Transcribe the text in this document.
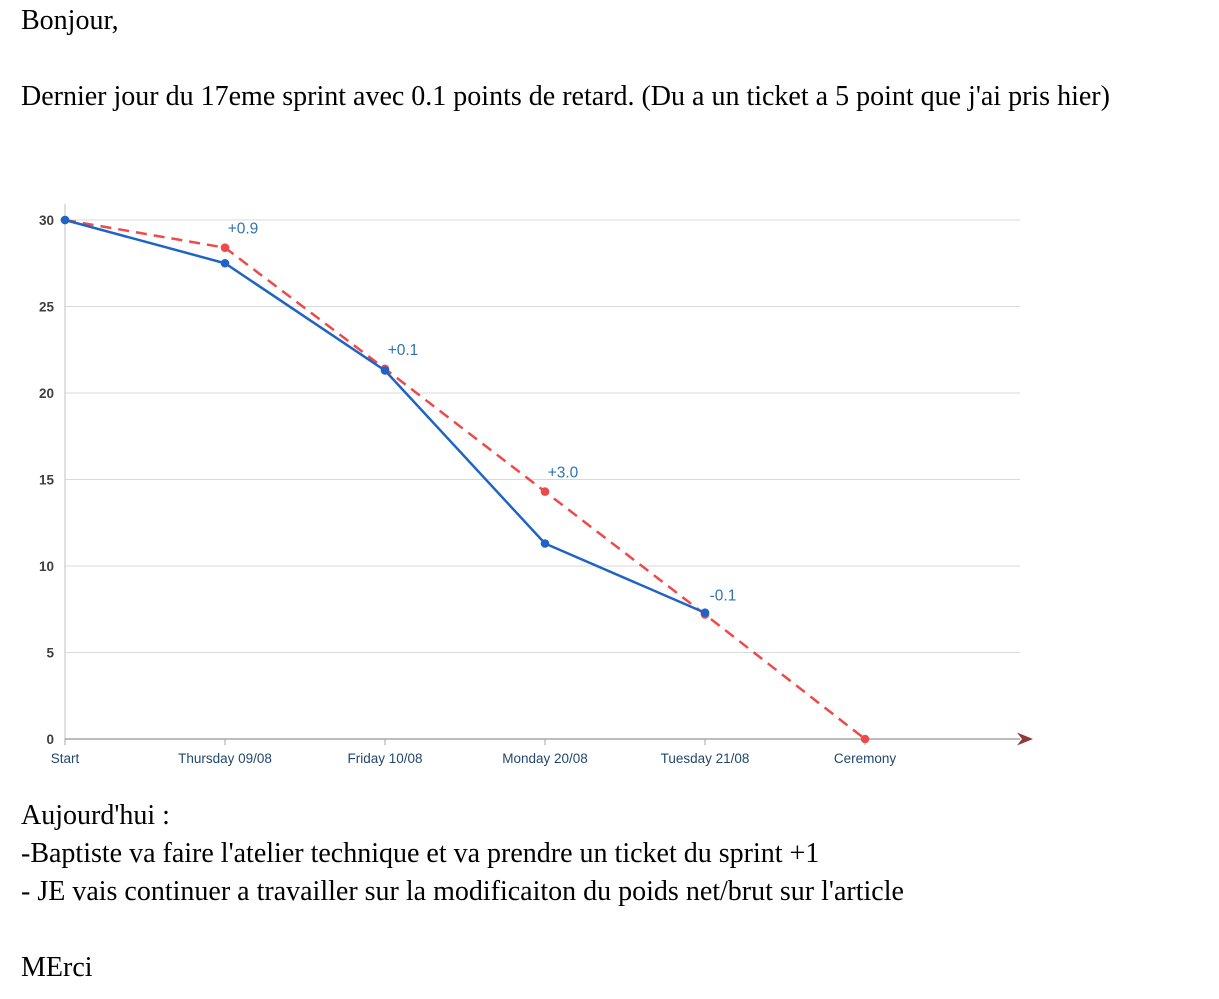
Bonjour,

Dernier jour du 17eme sprint avec 0.1 points de retard. (Du a un ticket a 5 point que j'ai pris hier)

0
5
10
15
20
25
30
Start	Thursday 09/08	Friday 10/08	Monday 20/08	Tuesday 21/08	Ceremony
+0.9
+0.1
+3.0
-0.1

Aujourd'hui :

-Baptiste va faire l'atelier technique et va prendre un ticket du sprint +1

- JE vais continuer a travailler sur la modificaiton du poids net/brut sur l'article

MErci
